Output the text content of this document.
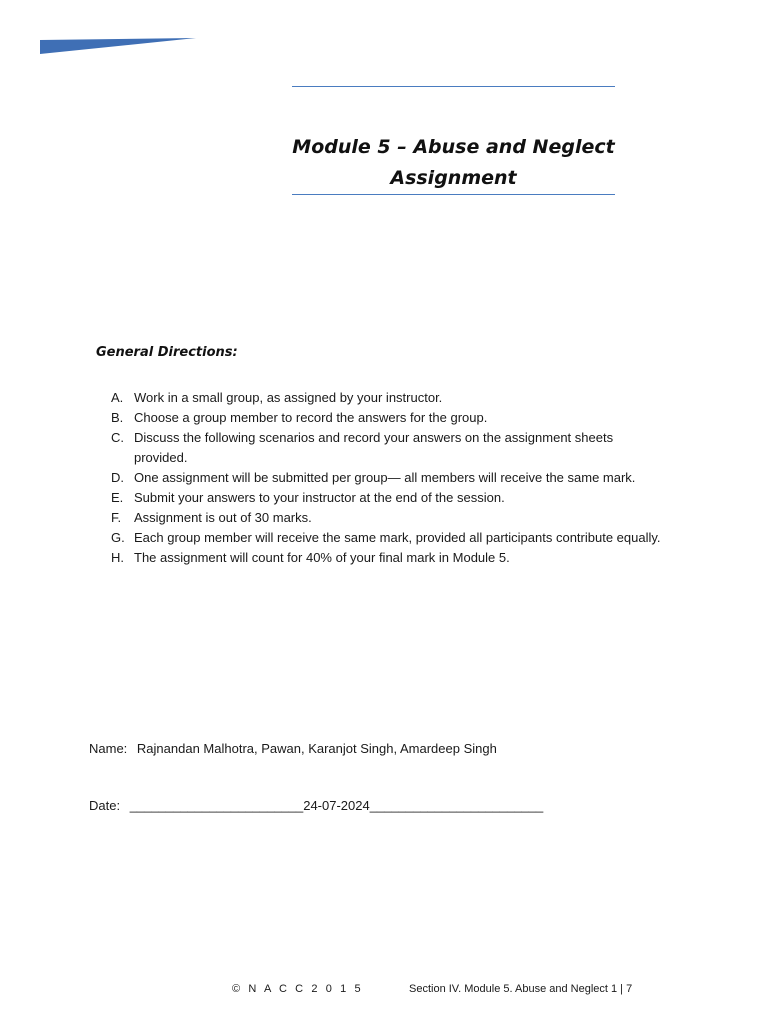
Module 5 – Abuse and Neglect
Assignment
General Directions:
A. Work in a small group, as assigned by your instructor.
B. Choose a group member to record the answers for the group.
C. Discuss the following scenarios and record your answers on the assignment sheets provided.
D. One assignment will be submitted per group— all members will receive the same mark.
E. Submit your answers to your instructor at the end of the session.
F. Assignment is out of 30 marks.
G. Each group member will receive the same mark, provided all participants contribute equally.
H. The assignment will count for 40% of your final mark in Module 5.
Name: Rajnandan Malhotra, Pawan, Karanjot Singh, Amardeep Singh
Date: ________________________24-07-2024________________________
© N A C C 2 0 1 5	Section IV. Module 5. Abuse and Neglect 1 | 7
